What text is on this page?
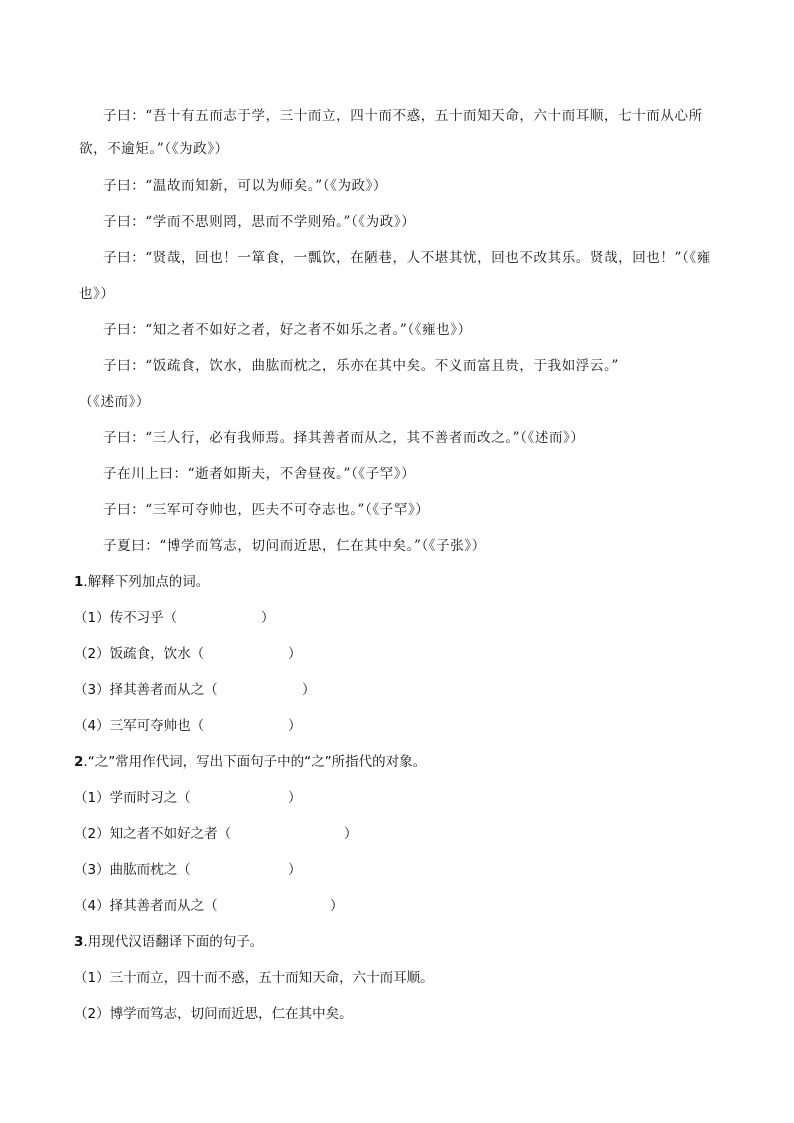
子曰：“吾十有五而志于学，三十而立，四十而不惑，五十而知天命，六十而耳顺，七十而从心所
欲，不逾矩。”（《为政》）
子曰：“温故而知新，可以为师矣。”（《为政》）
子曰：“学而不思则罔，思而不学则殆。”（《为政》）
子曰：“贤哉，回也！一箪食，一瓢饮，在陋巷，人不堪其忧，回也不改其乐。贤哉，回也！”（《雍
也》）
子曰：“知之者不如好之者，好之者不如乐之者。”（《雍也》）
子曰：“饭疏食，饮水，曲肱而枕之，乐亦在其中矣。不义而富且贵，于我如浮云。”
（《述而》）
子曰：“三人行，必有我师焉。择其善者而从之，其不善者而改之。”（《述而》）
子在川上曰：“逝者如斯夫，不舍昼夜。”（《子罕》）
子曰：“三军可夺帅也，匹夫不可夺志也。”（《子罕》）
子夏曰：“博学而笃志，切问而近思，仁在其中矣。”（《子张》）
1.解释下列加点的词。
（1）传不习乎（	）
（2）饭疏食，饮水（	）
（3）择其善者而从之（	）
（4）三军可夺帅也（	）
2.“之”常用作代词，写出下面句子中的“之”所指代的对象。
（1）学而时习之（	）
（2）知之者不如好之者（	）
（3）曲肱而枕之（	）
（4）择其善者而从之（	）
3.用现代汉语翻译下面的句子。
（1）三十而立，四十而不惑，五十而知天命，六十而耳顺。
（2）博学而笃志，切问而近思，仁在其中矣。
